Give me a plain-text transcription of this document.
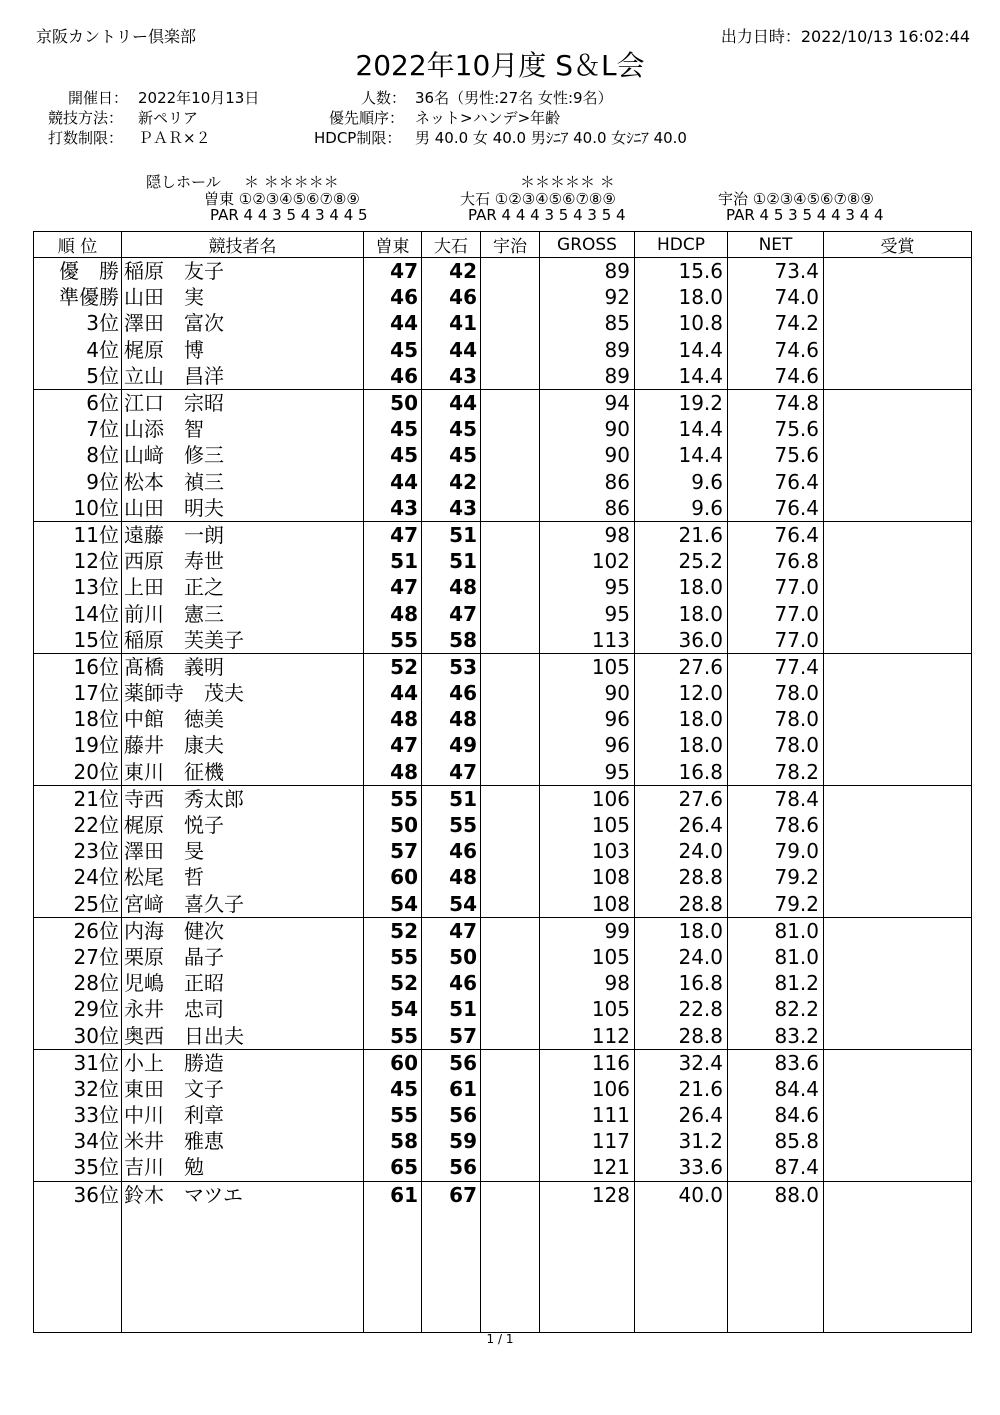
京阪カントリー倶楽部	出力日時：2022/10/13 16:02:44
2022年10月度 S＆L会
開催日： 2022年10月13日	人数： 36名（男性:27名 女性:9名）
競技方法： 新ペリア	優先順序： ネット>ハンデ>年齢
打数制限： ＰＡＲ×２	HDCP制限： 男 40.0 女 40.0 男ｼﾆｱ 40.0 女ｼﾆｱ 40.0
隠しホール ＊ ＊＊＊＊＊	＊＊＊＊＊ ＊
曽東 ①②③④⑤⑥⑦⑧⑨
PAR 4 4 3 5 4 3 4 4 5
大石 ①②③④⑤⑥⑦⑧⑨
PAR 4 4 4 3 5 4 3 5 4
宇治 ①②③④⑤⑥⑦⑧⑨
PAR 4 5 3 5 4 4 3 4 4
順 位	競技者名	曽東	大石	宇治	GROSS	HDCP	NET	受賞
優　勝	稲原　友子	47	42		89	15.6	73.4	
準優勝	山田　実	46	46		92	18.0	74.0	
3位	澤田　富次	44	41		85	10.8	74.2	
4位	梶原　博	45	44		89	14.4	74.6	
5位	立山　昌洋	46	43		89	14.4	74.6	
6位	江口　宗昭	50	44		94	19.2	74.8	
7位	山添　智	45	45		90	14.4	75.6	
8位	山﨑　修三	45	45		90	14.4	75.6	
9位	松本　禎三	44	42		86	9.6	76.4	
10位	山田　明夫	43	43		86	9.6	76.4	
11位	遠藤　一朗	47	51		98	21.6	76.4	
12位	西原　寿世	51	51		102	25.2	76.8	
13位	上田　正之	47	48		95	18.0	77.0	
14位	前川　憲三	48	47		95	18.0	77.0	
15位	稲原　芙美子	55	58		113	36.0	77.0	
16位	髙橋　義明	52	53		105	27.6	77.4	
17位	薬師寺　茂夫	44	46		90	12.0	78.0	
18位	中館　徳美	48	48		96	18.0	78.0	
19位	藤井　康夫	47	49		96	18.0	78.0	
20位	東川　征機	48	47		95	16.8	78.2	
21位	寺西　秀太郎	55	51		106	27.6	78.4	
22位	梶原　悦子	50	55		105	26.4	78.6	
23位	澤田　旻	57	46		103	24.0	79.0	
24位	松尾　哲	60	48		108	28.8	79.2	
25位	宮﨑　喜久子	54	54		108	28.8	79.2	
26位	内海　健次	52	47		99	18.0	81.0	
27位	栗原　晶子	55	50		105	24.0	81.0	
28位	児嶋　正昭	52	46		98	16.8	81.2	
29位	永井　忠司	54	51		105	22.8	82.2	
30位	奥西　日出夫	55	57		112	28.8	83.2	
31位	小上　勝造	60	56		116	32.4	83.6	
32位	東田　文子	45	61		106	21.6	84.4	
33位	中川　利章	55	56		111	26.4	84.6	
34位	米井　雅恵	58	59		117	31.2	85.8	
35位	吉川　勉	65	56		121	33.6	87.4	
36位	鈴木　マツエ	61	67		128	40.0	88.0	

1 / 1
